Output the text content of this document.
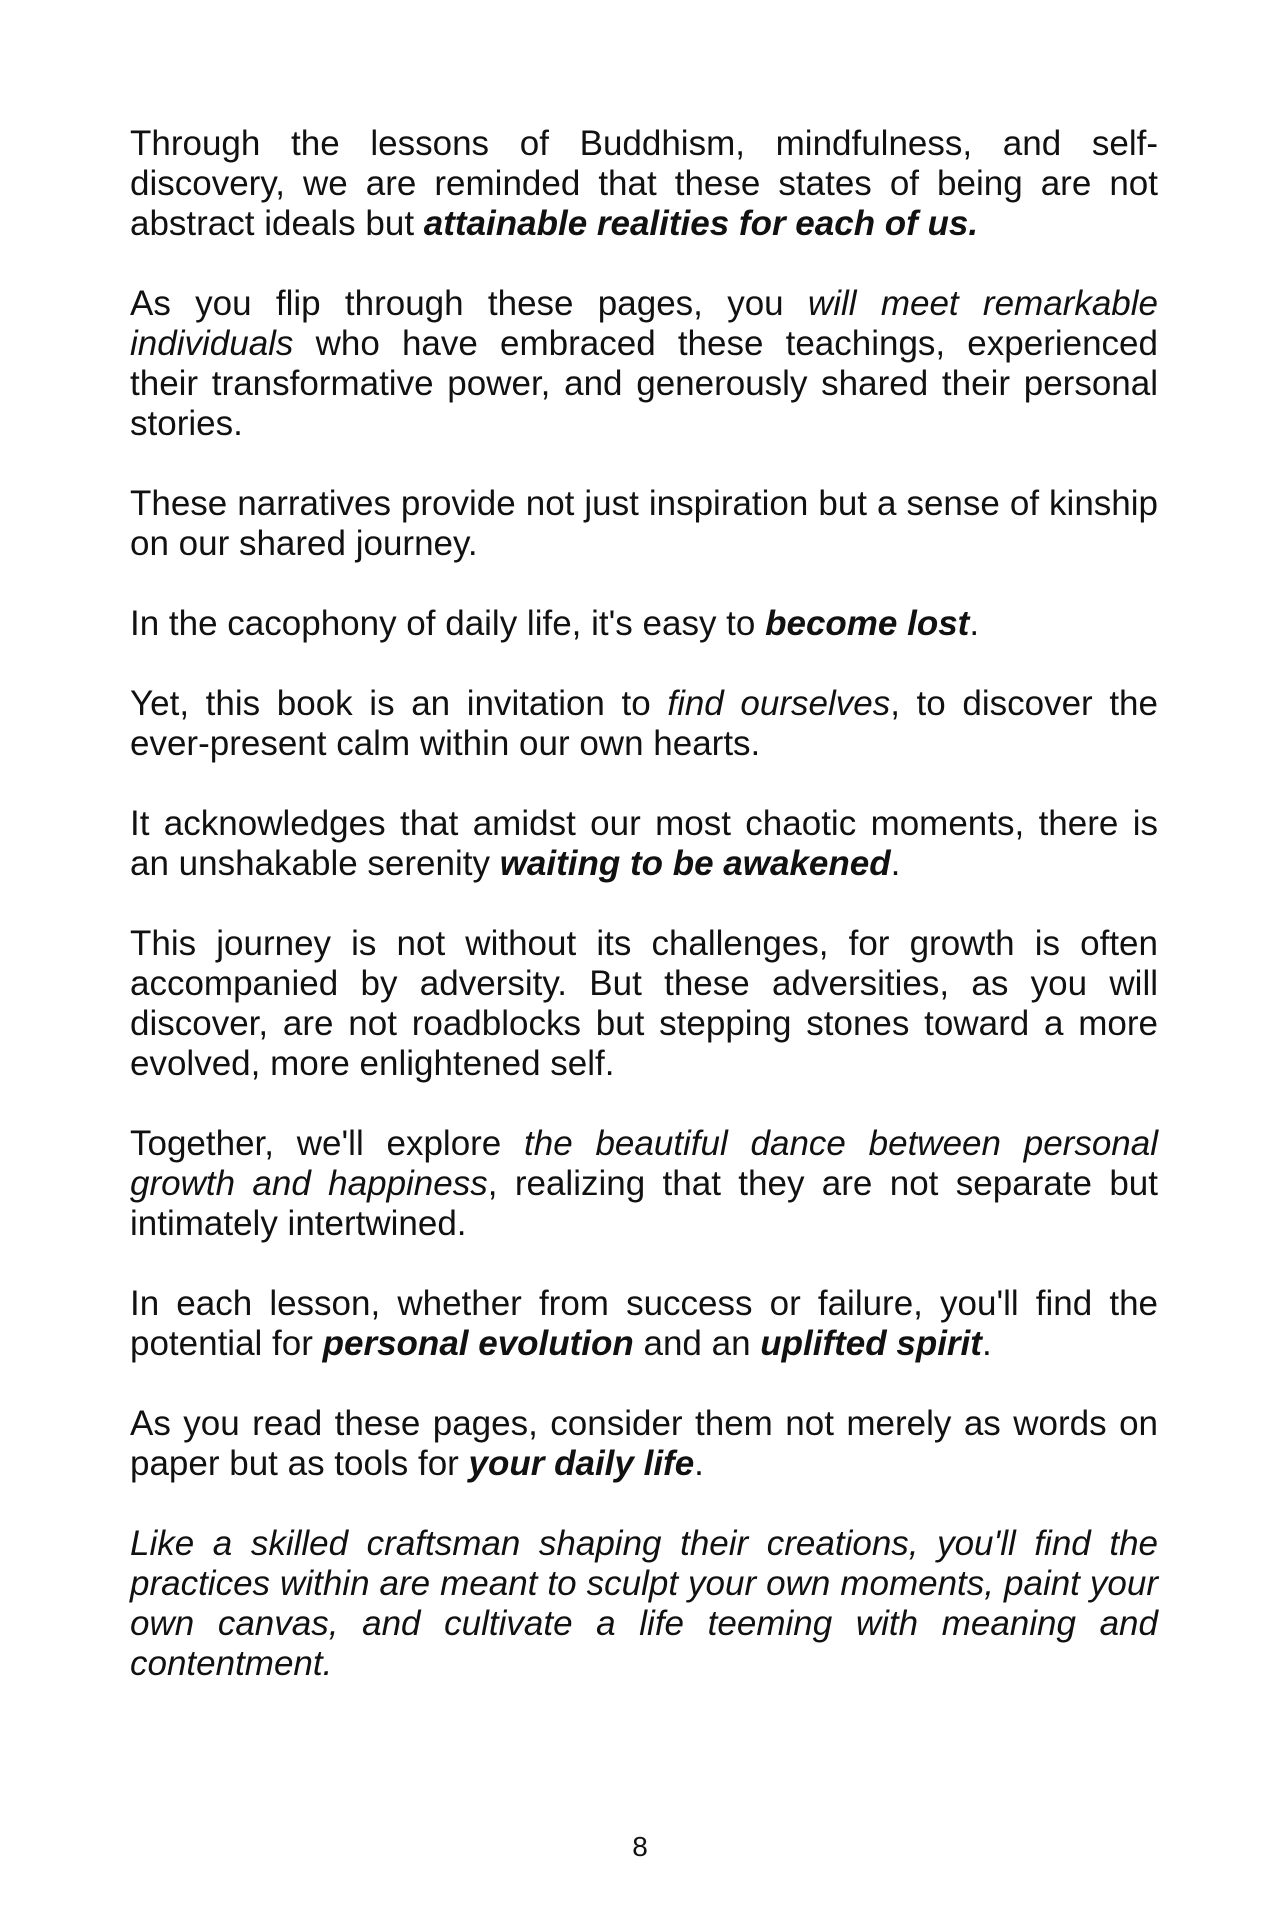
Through the lessons of Buddhism, mindfulness, and self-discovery, we are reminded that these states of being are not abstract ideals but attainable realities for each of us.

As you flip through these pages, you will meet remarkable individuals who have embraced these teachings, experienced their transformative power, and generously shared their personal stories.

These narratives provide not just inspiration but a sense of kinship on our shared journey.

In the cacophony of daily life, it's easy to become lost.

Yet, this book is an invitation to find ourselves, to discover the ever-present calm within our own hearts.

It acknowledges that amidst our most chaotic moments, there is an unshakable serenity waiting to be awakened.

This journey is not without its challenges, for growth is often accompanied by adversity. But these adversities, as you will discover, are not roadblocks but stepping stones toward a more evolved, more enlightened self.

Together, we'll explore the beautiful dance between personal growth and happiness, realizing that they are not separate but intimately intertwined.

In each lesson, whether from success or failure, you'll find the potential for personal evolution and an uplifted spirit.

As you read these pages, consider them not merely as words on paper but as tools for your daily life.

Like a skilled craftsman shaping their creations, you'll find the practices within are meant to sculpt your own moments, paint your own canvas, and cultivate a life teeming with meaning and contentment.

8
